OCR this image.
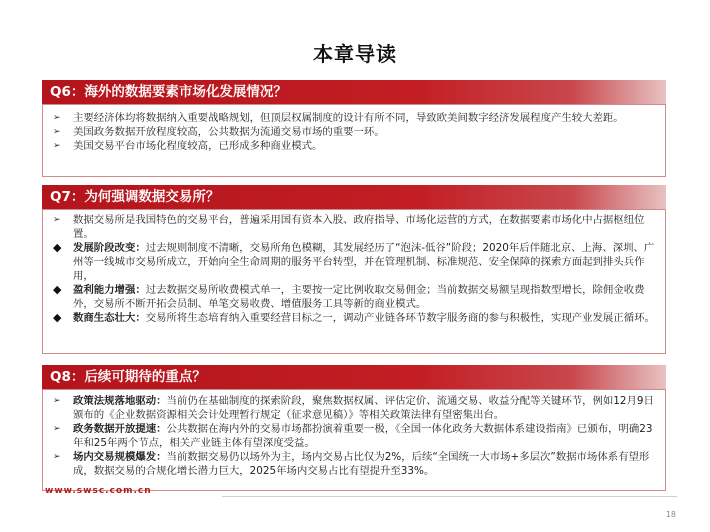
本章导读
Q6：海外的数据要素市场化发展情况？
➢	主要经济体均将数据纳入重要战略规划，但顶层权属制度的设计有所不同，导致欧美间数字经济发展程度产生较大差距。
➢	美国政务数据开放程度较高，公共数据为流通交易市场的重要一环。
➢	美国交易平台市场化程度较高，已形成多种商业模式。
Q7：为何强调数据交易所？
➢	数据交易所是我国特色的交易平台，普遍采用国有资本入股、政府指导、市场化运营的方式，在数据要素市场化中占据枢纽位置。
◆	发展阶段改变：过去规则制度不清晰，交易所角色模糊，其发展经历了“泡沫-低谷”阶段；2020年后伴随北京、上海、深圳、广州等一线城市交易所成立，开始向全生命周期的服务平台转型，并在管理机制、标准规范、安全保障的探索方面起到排头兵作用，
◆	盈利能力增强：过去数据交易所收费模式单一，主要按一定比例收取交易佣金；当前数据交易额呈现指数型增长，除佣金收费外，交易所不断开拓会员制、单笔交易收费、增值服务工具等新的商业模式。
◆	数商生态壮大：交易所将生态培育纳入重要经营目标之一，调动产业链各环节数字服务商的参与积极性，实现产业发展正循环。
Q8：后续可期待的重点？
➢	政策法规落地驱动：当前仍在基础制度的探索阶段，聚焦数据权属、评估定价、流通交易、收益分配等关键环节，例如12月9日颁布的《企业数据资源相关会计处理暂行规定（征求意见稿）》等相关政策法律有望密集出台。
➢	政务数据开放提速：公共数据在海内外的交易市场都扮演着重要一极，《全国一体化政务大数据体系建设指南》已颁布，明确23年和25年两个节点，相关产业链主体有望深度受益。
➢	场内交易规模爆发：当前数据交易仍以场外为主，场内交易占比仅为2%，后续“全国统一大市场+多层次”数据市场体系有望形成，数据交易的合规化增长潜力巨大，2025年场内交易占比有望提升至33%。
www.swsc.com.cn
18
